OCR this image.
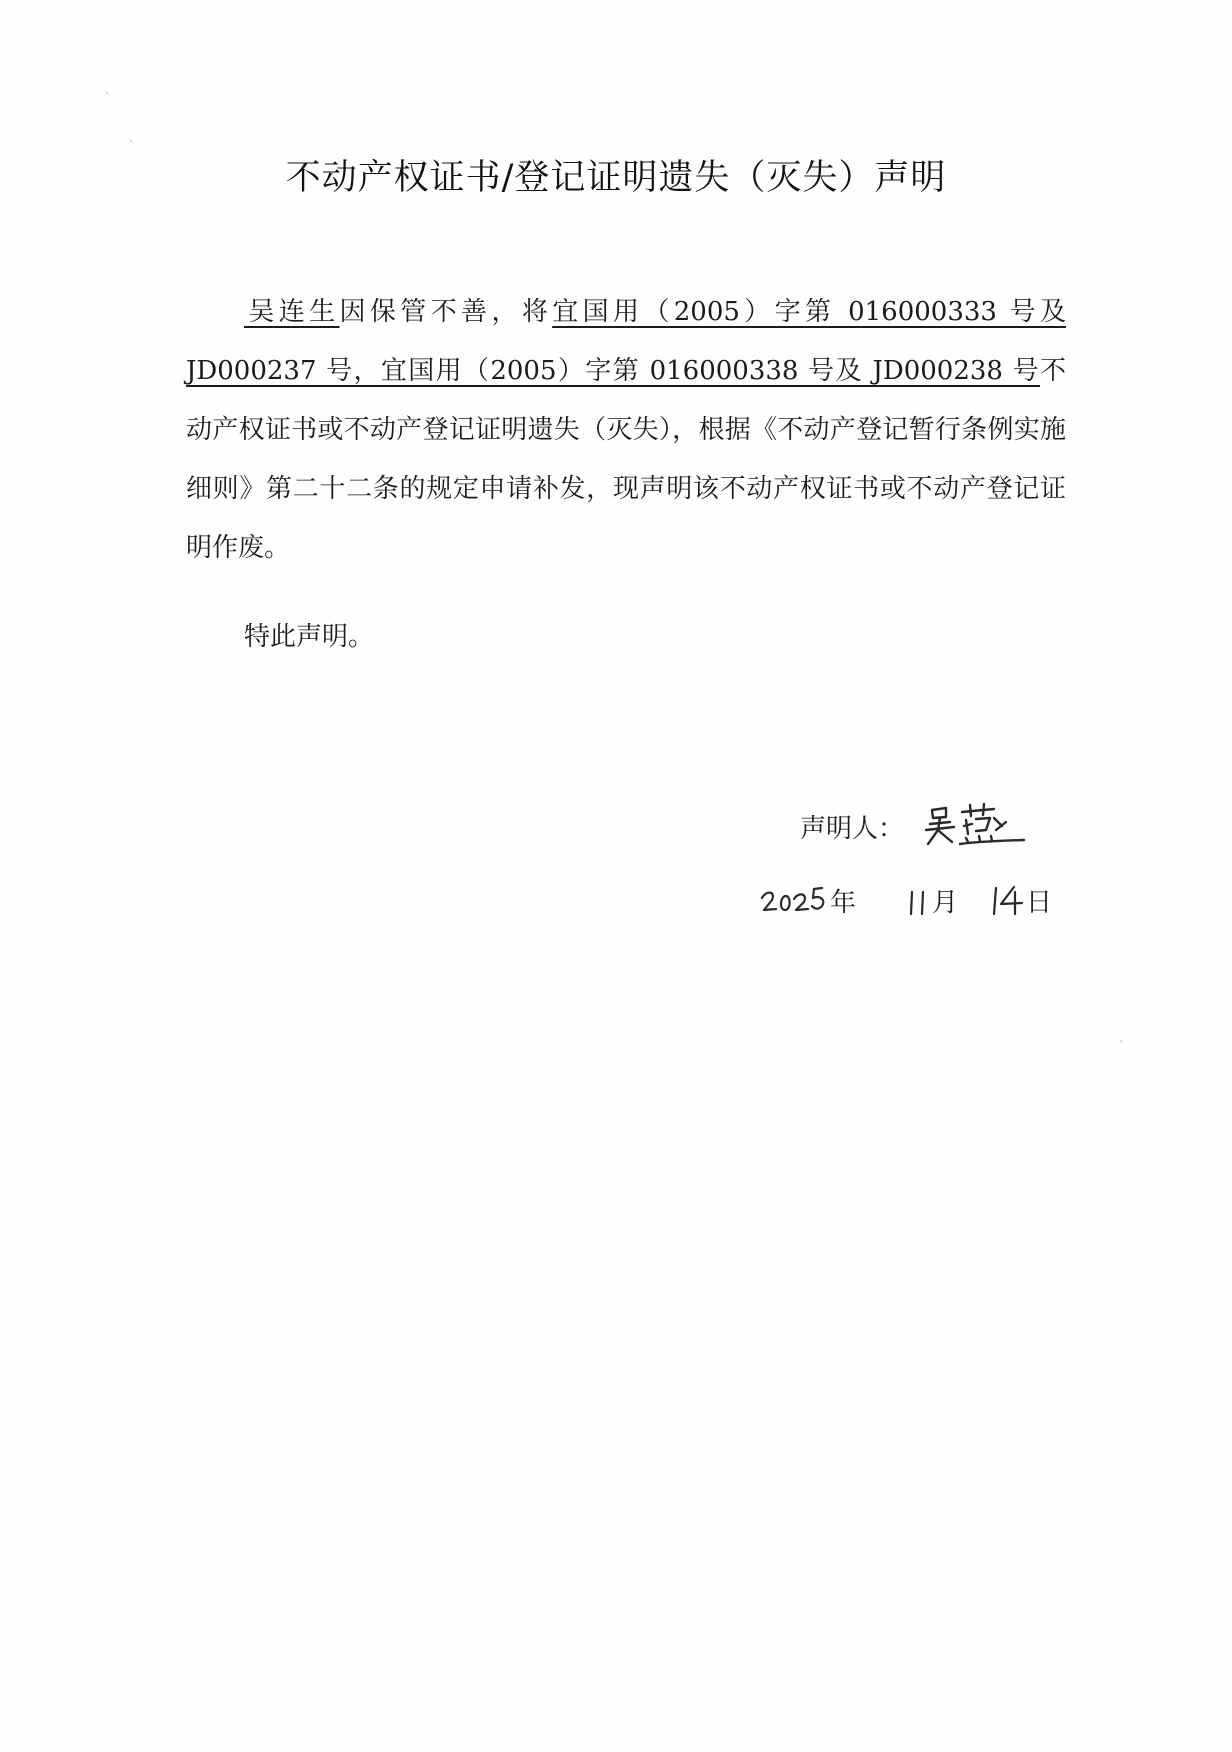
不动产权证书/登记证明遗失（灭失）声明
吴连生因保管不善，将宜国用（2005）字第 016000333 号及 JD000237 号，宜国用（2005）字第 016000338 号及 JD000238 号不动产权证书或不动产登记证明遗失（灭失），根据《不动产登记暂行条例实施细则》第二十二条的规定申请补发，现声明该不动产权证书或不动产登记证明作废。
特此声明。
声明人：
年	月	日
